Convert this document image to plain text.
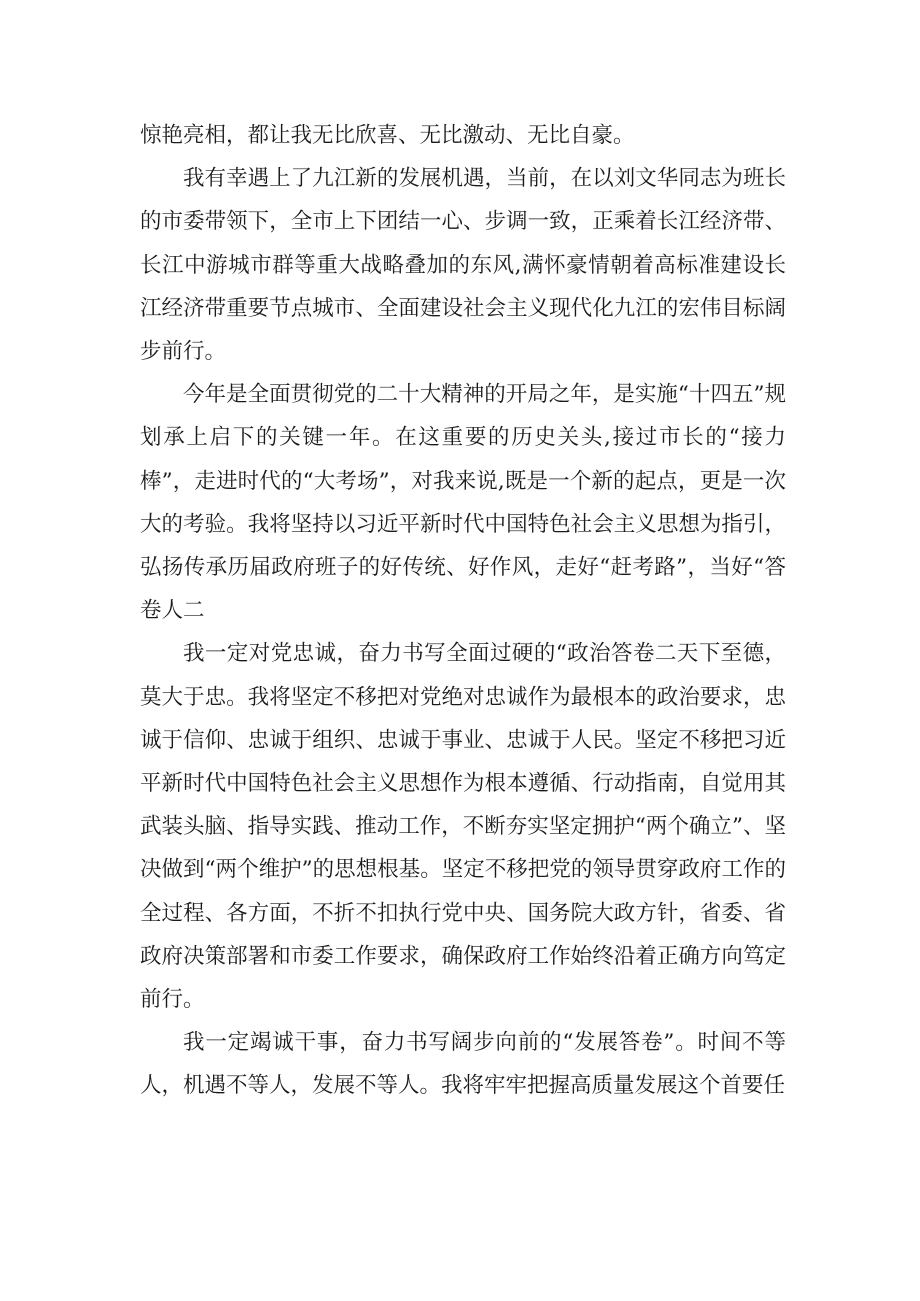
惊艳亮相，都让我无比欣喜、无比激动、无比自豪。

我有幸遇上了九江新的发展机遇，当前，在以刘文华同志为班长的市委带领下，全市上下团结一心、步调一致，正乘着长江经济带、长江中游城市群等重大战略叠加的东风,满怀豪情朝着高标准建设长江经济带重要节点城市、全面建设社会主义现代化九江的宏伟目标阔步前行。

今年是全面贯彻党的二十大精神的开局之年，是实施“十四五”规划承上启下的关键一年。在这重要的历史关头,接过市长的“接力棒”，走进时代的“大考场”，对我来说,既是一个新的起点，更是一次大的考验。我将坚持以习近平新时代中国特色社会主义思想为指引，弘扬传承历届政府班子的好传统、好作风，走好“赶考路”，当好“答卷人二

我一定对党忠诚，奋力书写全面过硬的“政治答卷二天下至德，莫大于忠。我将坚定不移把对党绝对忠诚作为最根本的政治要求，忠诚于信仰、忠诚于组织、忠诚于事业、忠诚于人民。坚定不移把习近平新时代中国特色社会主义思想作为根本遵循、行动指南，自觉用其武装头脑、指导实践、推动工作，不断夯实坚定拥护“两个确立”、坚决做到“两个维护”的思想根基。坚定不移把党的领导贯穿政府工作的全过程、各方面，不折不扣执行党中央、国务院大政方针，省委、省政府决策部署和市委工作要求，确保政府工作始终沿着正确方向笃定前行。

我一定竭诚干事，奋力书写阔步向前的“发展答卷”。时间不等人，机遇不等人，发展不等人。我将牢牢把握高质量发展这个首要任
